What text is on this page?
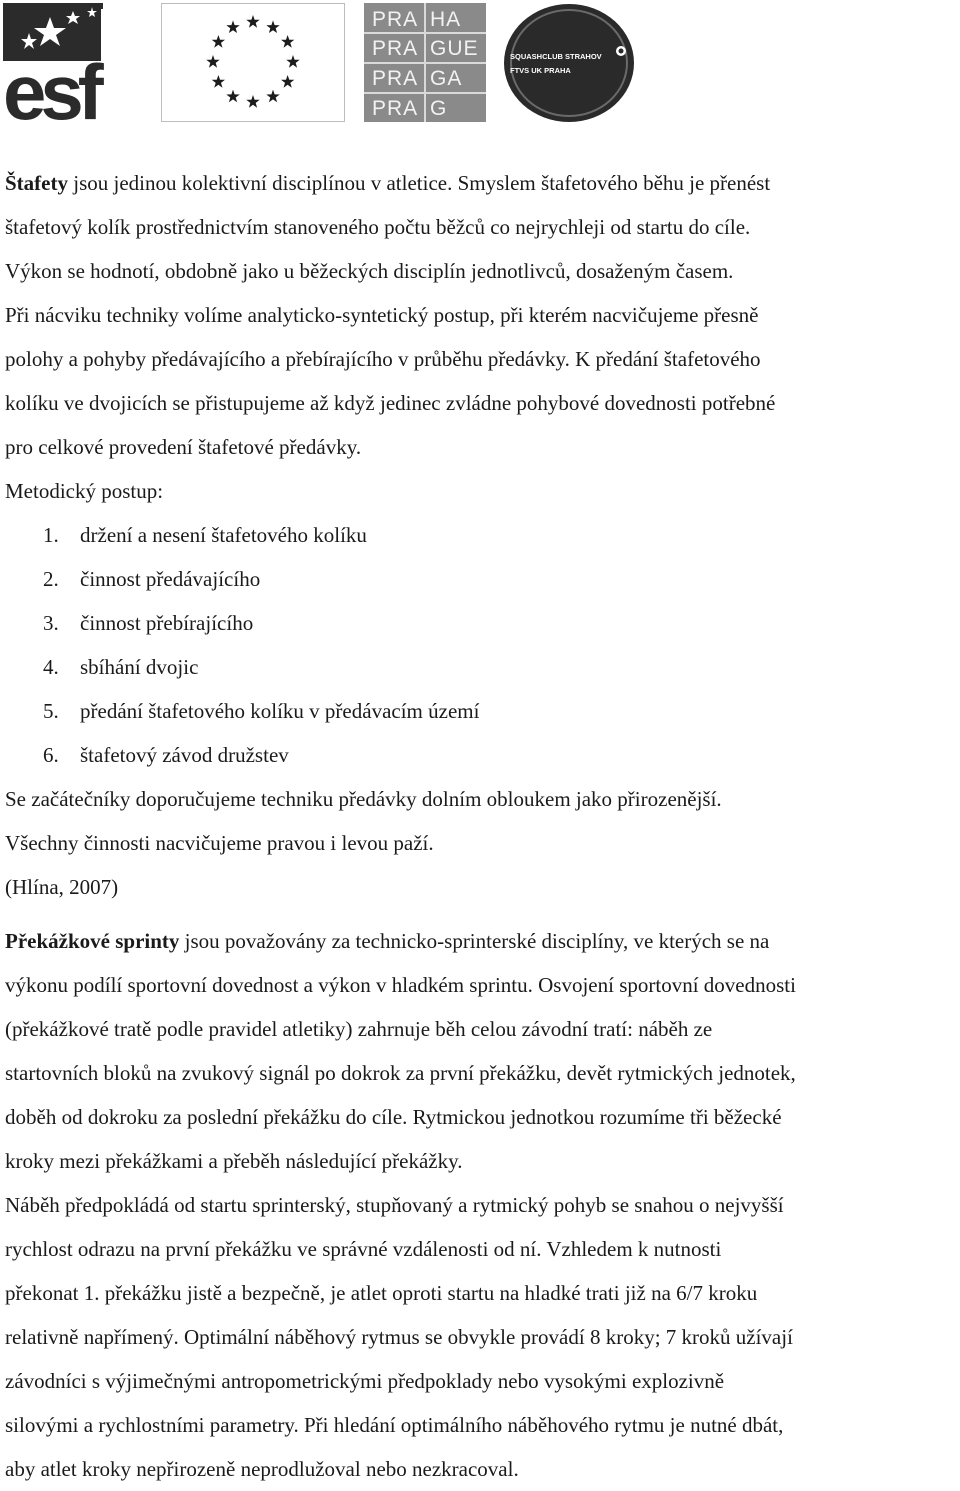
esf
PRA HA
PRA GUE
PRA GA
PRA G
SQUASHCLUB STRAHOV
FTVS UK PRAHA
Štafety jsou jedinou kolektivní disciplínou v atletice. Smyslem štafetového běhu je přenést
štafetový kolík prostřednictvím stanoveného počtu běžců co nejrychleji od startu do cíle.
Výkon se hodnotí, obdobně jako u běžeckých disciplín jednotlivců, dosaženým časem.
Při nácviku techniky volíme analyticko-syntetický postup, při kterém nacvičujeme přesně
polohy a pohyby předávajícího a přebírajícího v průběhu předávky. K předání štafetového
kolíku ve dvojicích se přistupujeme až když jedinec zvládne pohybové dovednosti potřebné
pro celkové provedení štafetové předávky.
Metodický postup:
1. držení a nesení štafetového kolíku
2. činnost předávajícího
3. činnost přebírajícího
4. sbíhání dvojic
5. předání štafetového kolíku v předávacím území
6. štafetový závod družstev
Se začátečníky doporučujeme techniku předávky dolním obloukem jako přirozenější.
Všechny činnosti nacvičujeme pravou i levou paží.
(Hlína, 2007)
Překážkové sprinty jsou považovány za technicko-sprinterské disciplíny, ve kterých se na
výkonu podílí sportovní dovednost a výkon v hladkém sprintu. Osvojení sportovní dovednosti
(překážkové tratě podle pravidel atletiky) zahrnuje běh celou závodní tratí: náběh ze
startovních bloků na zvukový signál po dokrok za první překážku, devět rytmických jednotek,
doběh od dokroku za poslední překážku do cíle. Rytmickou jednotkou rozumíme tři běžecké
kroky mezi překážkami a přeběh následující překážky.
Náběh předpokládá od startu sprinterský, stupňovaný a rytmický pohyb se snahou o nejvyšší
rychlost odrazu na první překážku ve správné vzdálenosti od ní. Vzhledem k nutnosti
překonat 1. překážku jistě a bezpečně, je atlet oproti startu na hladké trati již na 6/7 kroku
relativně napřímený. Optimální náběhový rytmus se obvykle provádí 8 kroky; 7 kroků užívají
závodníci s výjimečnými antropometrickými předpoklady nebo vysokými explozivně
silovými a rychlostními parametry. Při hledání optimálního náběhového rytmu je nutné dbát,
aby atlet kroky nepřirozeně neprodlužoval nebo nezkracoval.
